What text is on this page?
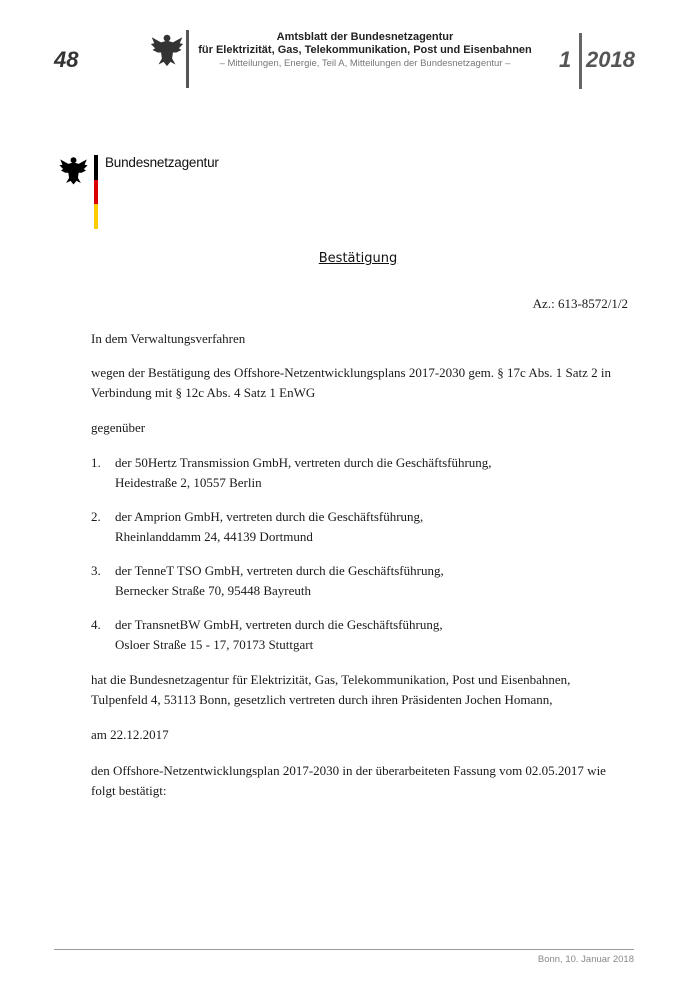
48
Amtsblatt der Bundesnetzagentur
für Elektrizität, Gas, Telekommunikation, Post und Eisenbahnen
– Mitteilungen, Energie, Teil A, Mitteilungen der Bundesnetzagentur –	1 2018
Bundesnetzagentur
Bestätigung
Az.: 613-8572/1/2
In dem Verwaltungsverfahren
wegen der Bestätigung des Offshore-Netzentwicklungsplans 2017-2030 gem. § 17c Abs. 1 Satz 2 in
Verbindung mit § 12c Abs. 4 Satz 1 EnWG
gegenüber
1. der 50Hertz Transmission GmbH, vertreten durch die Geschäftsführung,
Heidestraße 2, 10557 Berlin
2. der Amprion GmbH, vertreten durch die Geschäftsführung,
Rheinlanddamm 24, 44139 Dortmund
3. der TenneT TSO GmbH, vertreten durch die Geschäftsführung,
Bernecker Straße 70, 95448 Bayreuth
4. der TransnetBW GmbH, vertreten durch die Geschäftsführung,
Osloer Straße 15 - 17, 70173 Stuttgart
hat die Bundesnetzagentur für Elektrizität, Gas, Telekommunikation, Post und Eisenbahnen,
Tulpenfeld 4, 53113 Bonn, gesetzlich vertreten durch ihren Präsidenten Jochen Homann,
am 22.12.2017
den Offshore-Netzentwicklungsplan 2017-2030 in der überarbeiteten Fassung vom 02.05.2017 wie
folgt bestätigt:
Bonn, 10. Januar 2018
